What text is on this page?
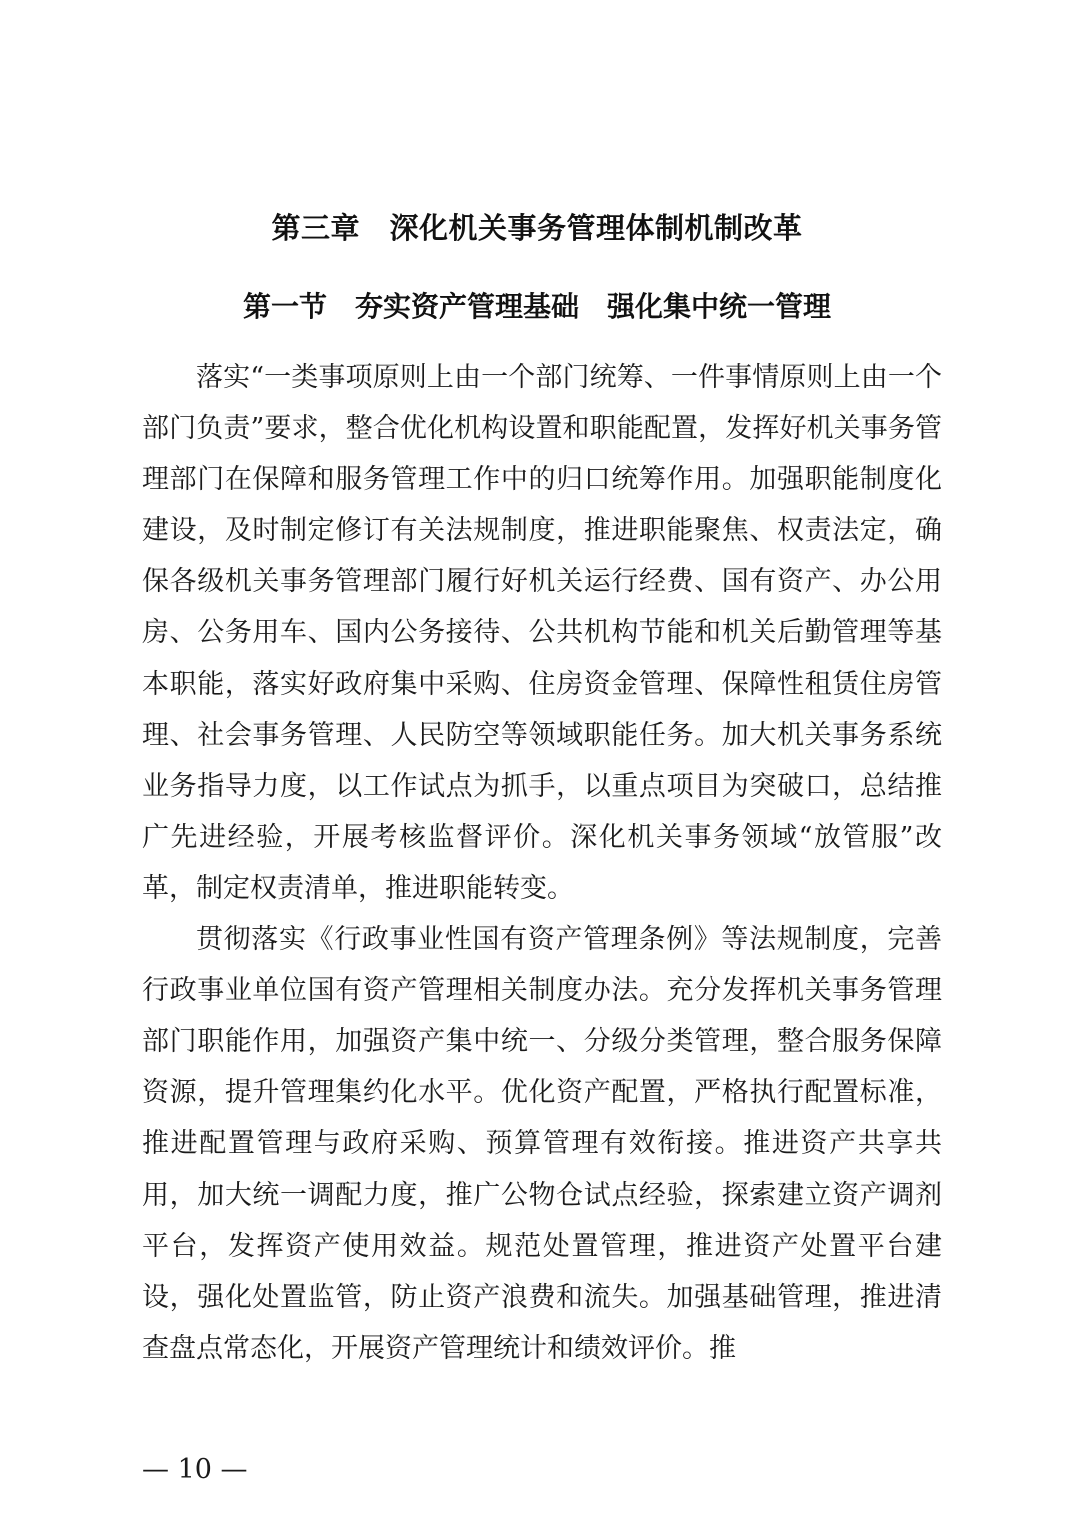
第三章　深化机关事务管理体制机制改革
第一节　夯实资产管理基础　强化集中统一管理

落实“一类事项原则上由一个部门统筹、一件事情原则上由一个部门负责”要求，整合优化机构设置和职能配置，发挥好机关事务管理部门在保障和服务管理工作中的归口统筹作用。加强职能制度化建设，及时制定修订有关法规制度，推进职能聚焦、权责法定，确保各级机关事务管理部门履行好机关运行经费、国有资产、办公用房、公务用车、国内公务接待、公共机构节能和机关后勤管理等基本职能，落实好政府集中采购、住房资金管理、保障性租赁住房管理、社会事务管理、人民防空等领域职能任务。加大机关事务系统业务指导力度，以工作试点为抓手，以重点项目为突破口，总结推广先进经验，开展考核监督评价。深化机关事务领域“放管服”改革，制定权责清单，推进职能转变。

贯彻落实《行政事业性国有资产管理条例》等法规制度，完善行政事业单位国有资产管理相关制度办法。充分发挥机关事务管理部门职能作用，加强资产集中统一、分级分类管理，整合服务保障资源，提升管理集约化水平。优化资产配置，严格执行配置标准，推进配置管理与政府采购、预算管理有效衔接。推进资产共享共用，加大统一调配力度，推广公物仓试点经验，探索建立资产调剂平台，发挥资产使用效益。规范处置管理，推进资产处置平台建设，强化处置监管，防止资产浪费和流失。加强基础管理，推进清查盘点常态化，开展资产管理统计和绩效评价。推

— 10 —
